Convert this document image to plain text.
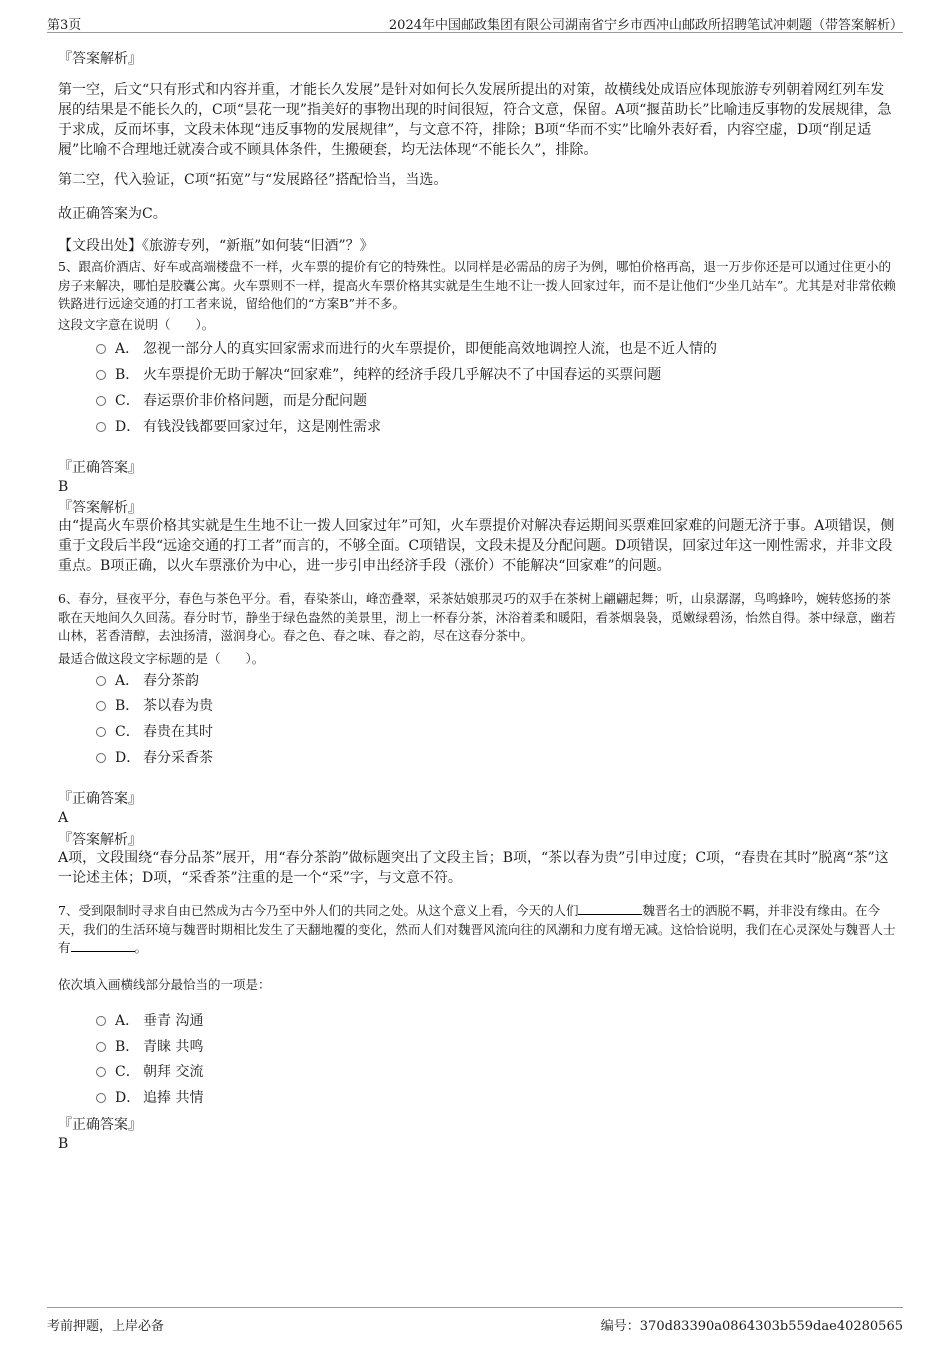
第3页	2024年中国邮政集团有限公司湖南省宁乡市西冲山邮政所招聘笔试冲刺题（带答案解析）
『答案解析』
第一空，后文“只有形式和内容并重，才能长久发展”是针对如何长久发展所提出的对策，故横线处成语应体现旅游专列朝着网红列车发展的结果是不能长久的，C项“昙花一现”指美好的事物出现的时间很短，符合文意，保留。A项“揠苗助长”比喻违反事物的发展规律，急于求成，反而坏事，文段未体现“违反事物的发展规律”，与文意不符，排除；B项“华而不实”比喻外表好看，内容空虚，D项“削足适履”比喻不合理地迁就凑合或不顾具体条件，生搬硬套，均无法体现“不能长久”，排除。
第二空，代入验证，C项“拓宽”与“发展路径”搭配恰当，当选。
故正确答案为C。
【文段出处】《旅游专列，“新瓶”如何装“旧酒”？》
5、跟高价酒店、好车或高端楼盘不一样，火车票的提价有它的特殊性。以同样是必需品的房子为例，哪怕价格再高，退一万步你还是可以通过住更小的房子来解决，哪怕是胶囊公寓。火车票则不一样，提高火车票价格其实就是生生地不让一拨人回家过年，而不是让他们“少坐几站车”。尤其是对非常依赖铁路进行远途交通的打工者来说，留给他们的“方案B”并不多。
这段文字意在说明（　　）。
A． 忽视一部分人的真实回家需求而进行的火车票提价，即便能高效地调控人流，也是不近人情的
B． 火车票提价无助于解决“回家难”，纯粹的经济手段几乎解决不了中国春运的买票问题
C． 春运票价非价格问题，而是分配问题
D． 有钱没钱都要回家过年，这是刚性需求
『正确答案』
B
『答案解析』
由“提高火车票价格其实就是生生地不让一拨人回家过年”可知，火车票提价对解决春运期间买票难回家难的问题无济于事。A项错误，侧重于文段后半段“远途交通的打工者”而言的，不够全面。C项错误，文段未提及分配问题。D项错误，回家过年这一刚性需求，并非文段重点。B项正确，以火车票涨价为中心，进一步引申出经济手段（涨价）不能解决“回家难”的问题。
6、春分，昼夜平分，春色与茶色平分。看，春染茶山，峰峦叠翠，采茶姑娘那灵巧的双手在茶树上翩翩起舞；听，山泉潺潺，鸟鸣蜂吟，婉转悠扬的茶歌在天地间久久回荡。春分时节，静坐于绿色盎然的美景里，沏上一杯春分茶，沐浴着柔和暖阳，看茶烟袅袅，觅嫩绿碧汤，怡然自得。茶中绿意，幽若山林，茗香清醇，去浊扬清，滋润身心。春之色、春之味、春之韵，尽在这春分茶中。
最适合做这段文字标题的是（　　）。
A． 春分茶韵
B． 茶以春为贵
C． 春贵在其时
D． 春分采香茶
『正确答案』
A
『答案解析』
A项，文段围绕“春分品茶”展开，用“春分茶韵”做标题突出了文段主旨；B项，“茶以春为贵”引申过度；C项，“春贵在其时”脱离“茶”这一论述主体；D项，“采香茶”注重的是一个“采”字，与文意不符。
7、受到限制时寻求自由已然成为古今乃至中外人们的共同之处。从这个意义上看，今天的人们	魏晋名士的洒脱不羁，并非没有缘由。在今天，我们的生活环境与魏晋时期相比发生了天翻地覆的变化，然而人们对魏晋风流向往的风潮和力度有增无减。这恰恰说明，我们在心灵深处与魏晋人士有	。
依次填入画横线部分最恰当的一项是：
A． 垂青 沟通
B． 青睐 共鸣
C． 朝拜 交流
D． 追捧 共情
『正确答案』
B
考前押题，上岸必备	编号：370d83390a0864303b559dae40280565
